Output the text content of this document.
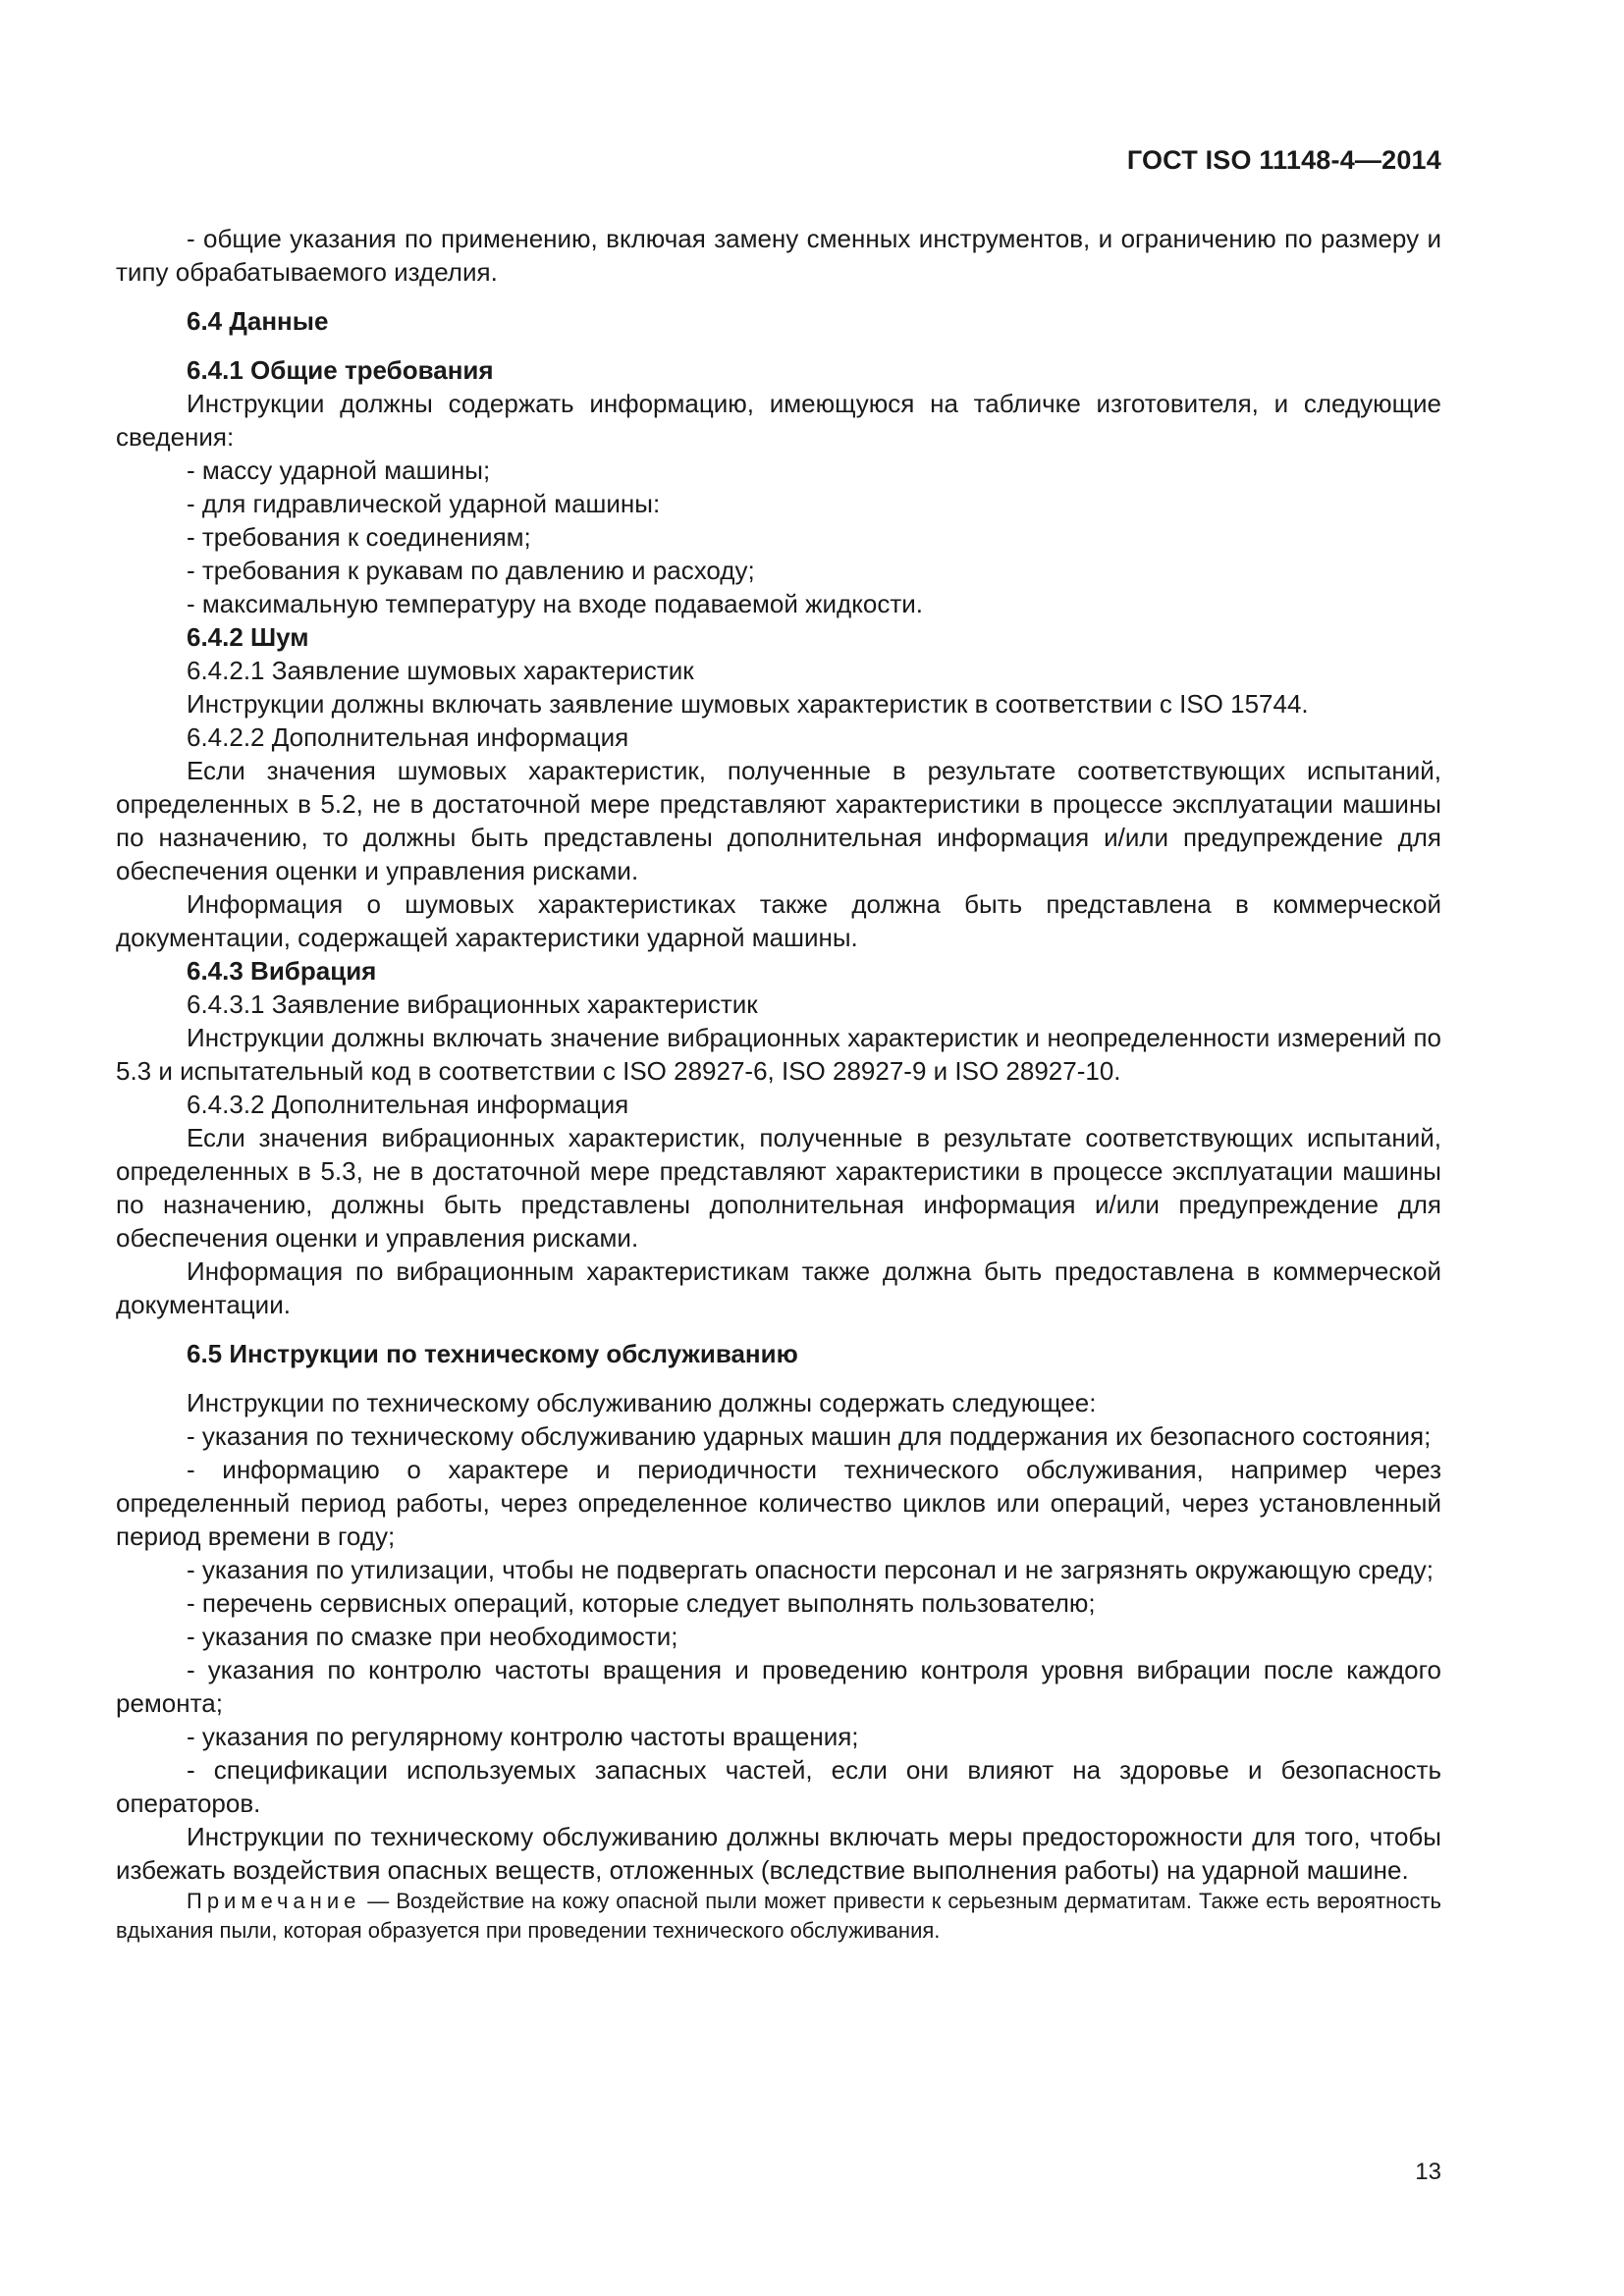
ГОСТ ISO 11148-4—2014

- общие указания по применению, включая замену сменных инструментов, и ограничению по размеру и типу обрабатываемого изделия.

6.4 Данные

6.4.1 Общие требования

Инструкции должны содержать информацию, имеющуюся на табличке изготовителя, и следующие сведения:

- массу ударной машины;

- для гидравлической ударной машины:

- требования к соединениям;

- требования к рукавам по давлению и расходу;

- максимальную температуру на входе подаваемой жидкости.

6.4.2 Шум

6.4.2.1 Заявление шумовых характеристик

Инструкции должны включать заявление шумовых характеристик в соответствии с ISO 15744.

6.4.2.2 Дополнительная информация

Если значения шумовых характеристик, полученные в результате соответствующих испытаний, определенных в 5.2, не в достаточной мере представляют характеристики в процессе эксплуатации машины по назначению, то должны быть представлены дополнительная информация и/или предупреждение для обеспечения оценки и управления рисками.

Информация о шумовых характеристиках также должна быть представлена в коммерческой документации, содержащей характеристики ударной машины.

6.4.3 Вибрация

6.4.3.1 Заявление вибрационных характеристик

Инструкции должны включать значение вибрационных характеристик и неопределенности измерений по 5.3 и испытательный код в соответствии с ISO 28927-6, ISO 28927-9 и ISO 28927-10.

6.4.3.2 Дополнительная информация

Если значения вибрационных характеристик, полученные в результате соответствующих испытаний, определенных в 5.3, не в достаточной мере представляют характеристики в процессе эксплуатации машины по назначению, должны быть представлены дополнительная информация и/или предупреждение для обеспечения оценки и управления рисками.

Информация по вибрационным характеристикам также должна быть предоставлена в коммерческой документации.

6.5 Инструкции по техническому обслуживанию

Инструкции по техническому обслуживанию должны содержать следующее:

- указания по техническому обслуживанию ударных машин для поддержания их безопасного состояния;

- информацию о характере и периодичности технического обслуживания, например через определенный период работы, через определенное количество циклов или операций, через установленный период времени в году;

- указания по утилизации, чтобы не подвергать опасности персонал и не загрязнять окружающую среду;

- перечень сервисных операций, которые следует выполнять пользователю;

- указания по смазке при необходимости;

- указания по контролю частоты вращения и проведению контроля уровня вибрации после каждого ремонта;

- указания по регулярному контролю частоты вращения;

- спецификации используемых запасных частей, если они влияют на здоровье и безопасность операторов.

Инструкции по техническому обслуживанию должны включать меры предосторожности для того, чтобы избежать воздействия опасных веществ, отложенных (вследствие выполнения работы) на ударной машине.

Примечание — Воздействие на кожу опасной пыли может привести к серьезным дерматитам. Также есть вероятность вдыхания пыли, которая образуется при проведении технического обслуживания.

13
